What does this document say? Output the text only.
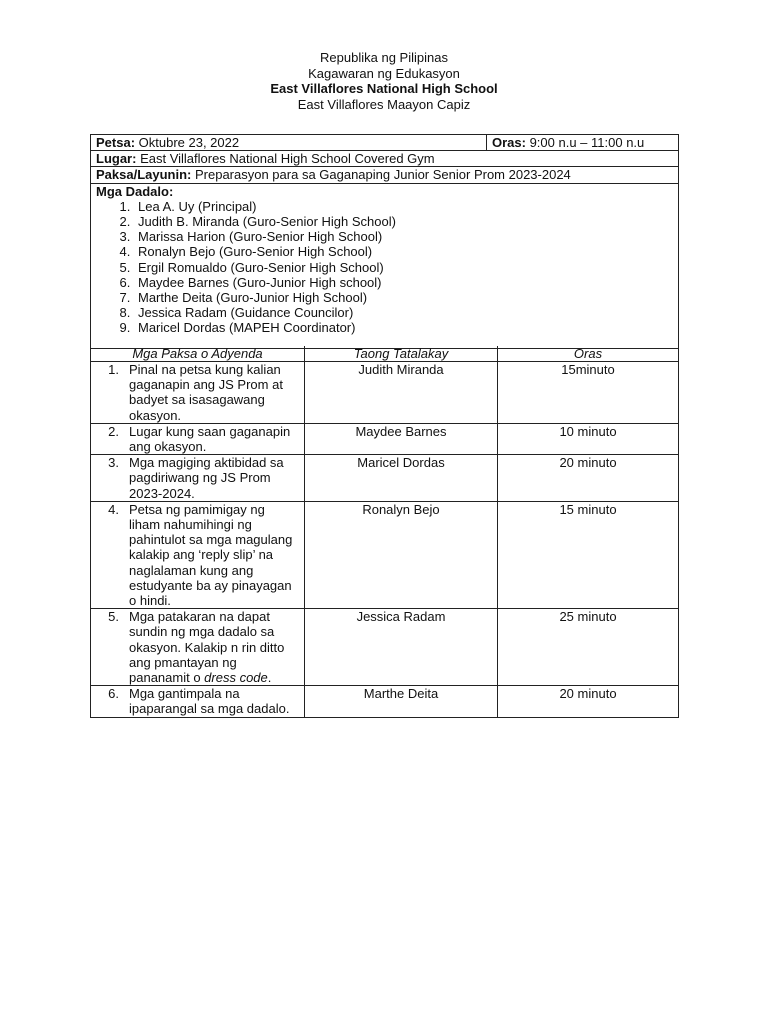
Republika ng Pilipinas
Kagawaran ng Edukasyon
East Villaflores National High School
East Villaflores Maayon Capiz
Petsa: Oktubre 23, 2022	Oras: 9:00 n.u – 11:00 n.u
Lugar: East Villaflores National High School Covered Gym
Paksa/Layunin: Preparasyon para sa Gaganaping Junior Senior Prom 2023-2024

Mga Dadalo:
1. Lea A. Uy (Principal)
2. Judith B. Miranda (Guro-Senior High School)
3. Marissa Harion (Guro-Senior High School)
4. Ronalyn Bejo (Guro-Senior High School)
5. Ergil Romualdo (Guro-Senior High School)
6. Maydee Barnes (Guro-Junior High school)
7. Marthe Deita (Guro-Junior High School)
8. Jessica Radam (Guidance Councilor)
9. Maricel Dordas (MAPEH Coordinator)
Mga Paksa o Adyenda	Taong Tatalakay	Oras
1. Pinal na petsa kung kalian gaganapin ang JS Prom at badyet sa isasagawang okasyon.	Judith Miranda	15minuto
2. Lugar kung saan gaganapin ang okasyon.	Maydee Barnes	10 minuto
3. Mga magiging aktibidad sa pagdiriwang ng JS Prom 2023-2024.	Maricel Dordas	20 minuto
4. Petsa ng pamimigay ng liham nahumihingi ng pahintulot sa mga magulang kalakip ang ‘reply slip’ na naglalaman kung ang estudyante ba ay pinayagan o hindi.	Ronalyn Bejo	15 minuto
5. Mga patakaran na dapat sundin ng mga dadalo sa okasyon. Kalakip n rin ditto ang pmantayan ng pananamit o dress code.	Jessica Radam	25 minuto
6. Mga gantimpala na ipaparangal sa mga dadalo.	Marthe Deita	20 minuto
